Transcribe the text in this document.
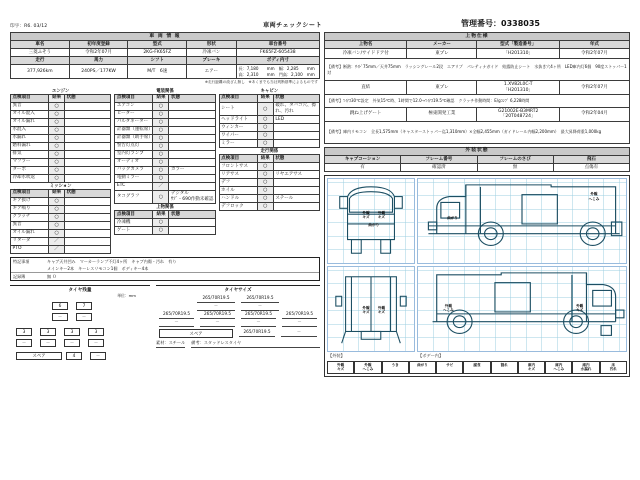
印字：R6. 03/12	車両チェックシート	管理番号：0338035
車 両 情 報				
車名	初年度登録	型式	形状	車台番号
三菱ふそう	令和2年07月	2KG-FK65FZ	冷凍バン	FK65FZ-605438
走行	馬力	シフト	ブレーキ	ボディ内寸
377,926km	240PS／177KW	M/T　6速	エアー	長：7,180　　mm　幅：2,285　　mm
高：2,310　　mm　門高：2,100　mm
※走行距離の改ざん無し　※あくまでも当社判断基準によるものです
エンジン
点検項目	結果	状態
異音	○	
オイル混入	○	
オイル漏れ	○	
水混入	○	
水漏れ	○	
燃料漏れ	○	
排気	○	
マフラー	○	
ターボ	○	
冷却水吹返	○	
ミッション
点検項目	結果	状態
ギア抜け	○	
ギア鳴り	○	
クラッチ	○	
異音	○	
オイル漏れ	○	
リターダ	／	
PTO	／	
電装関係
点検項目	結果	状態
エアコン	○	
ヒーター	○	
パルタネーター	○	
計器類（運転席）	○	
計器類（助手席）	○	
警告灯点灯	○	
室内灯ランプ	○	
オーディオ	○	
バックカメラ	○	カラー
電動ミラー	○	
ETC	／	
タコグラフ	○	デジタル
ｻﾌﾞ・690作動未確認
上物関係
点検項目	結果	状態
冷凍機	○	
ゲート	○	
キャビン
点検項目	結果	状態
シート	○	破れ、タバコ穴、擦れ、汚れ
ヘッドライト	○	LED
ウィンカー	○	
ワイパー	○	
ミラー	○	
走行関係
点検項目	結果	状態
フロントサス	○	
リアサス	○	リヤエアサス
デフ	○	
ホイル	○	
ハンドル	○	ステール
デフロック	○	
特記事項	キャブ天井凹み　マーカーランプ不灯4ヶ所　キャブ内傷・汚れ　有り
	メインキー2本　キーレスリモコン1個　ボディキー4本
記録簿	無 ０
タイヤ残量
単位：mm
6	7
－	－
3	3	3	3
－	－	－	－
スペア	4	－
タイヤサイズ
265/70R19.5	265/70R19.5
－	－
265/70R19.5	265/70R19.5	265/70R19.5	265/70R19.5
－	－	－	－
スペア
265/70R19.5	－
素材：スチール 備考：スタッドレスタイヤ
上物仕様			
上物名	メーカー	型式「製造番号」	年式
冷凍バン/サイドドア付	東プレ	「H201310」	令和2年07月
【備考】断熱：ｻｲﾄﾞ75mm／天井75mm　ラッシングレール2段　エアリブ　パレティナガイド　結露防止シート　水抜き穴4ヶ所　LED庫内灯6個　90度ストッパー1対			
直結	東プレ	1.XV82L0C-T
「H201310」	令和2年07月
【備考】ﾏｲﾅｽ30℃設定　外気15℃時、1時間で12.0→ﾏｲﾅｽ19.5℃確認　クラッチ作動時間：E/gｺﾝﾌﾟ 6,228時間			
跳ね上げゲート	極東開発工業	G21002E-B3MRT2
「20T048724」	令和2年04月
【備考】庫内リモコン　全長1,575mm（キャスターストッパー迄1,310mm）×全幅2,455mm（ガイドレール内幅2,200mm）　最大昇降荷重1,000kg			
外装状態			
キャブコーション	フレーム番号	フレームのさび	飛石
有	確認済	無	点傷有
外観
キズ
外観
キズ
曲がり
曲がり
外観
へこみ
外観
キズ
外観
キズ
外観
へこみ
外観
キズ
【外装】	【ボデー内】
外観
キズ
外観
へこみ
うき	曲がり	サビ	腐食	割れ	庫内
キズ
庫内
へこみ
庫内
水漏れ
床
汚れ
